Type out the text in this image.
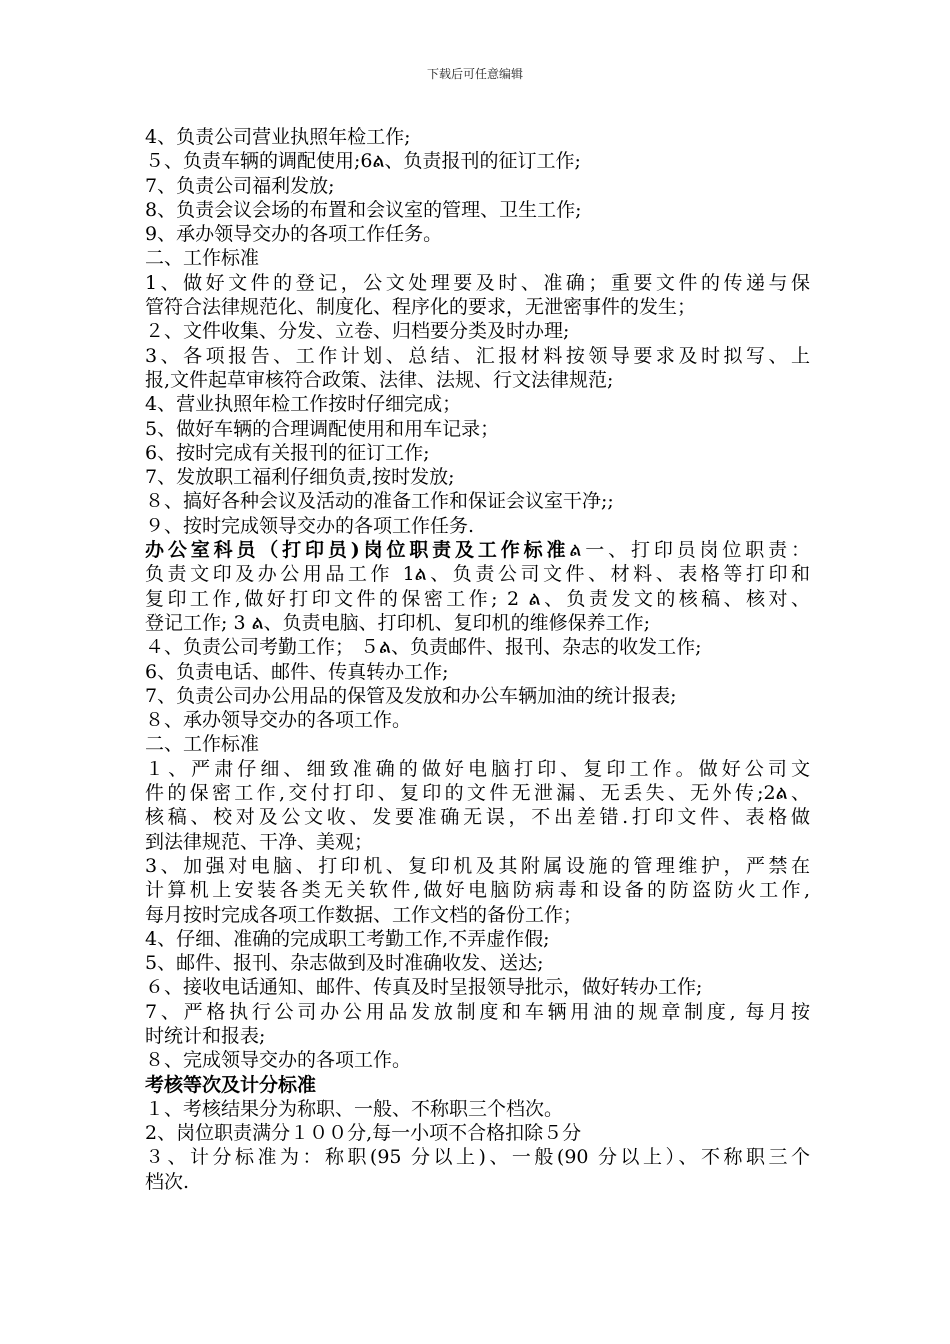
下载后可任意编辑
4、负责公司营业执照年检工作;
５、负责车辆的调配使用;6ል、负责报刊的征订工作;
7、负责公司福利发放;
8、负责会议会场的布置和会议室的管理、卫生工作;
9、承办领导交办的各项工作任务。
二、工作标准
1、做好文件的登记，公文处理要及时、准确；重要文件的传递与保
管符合法律规范化、制度化、程序化的要求，无泄密事件的发生；
２、文件收集、分发、立卷、归档要分类及时办理;
3、各项报告、工作计划、总结、汇报材料按领导要求及时拟写、上
报,文件起草审核符合政策、法律、法规、行文法律规范;
4、营业执照年检工作按时仔细完成；
5、做好车辆的合理调配使用和用车记录；
6、按时完成有关报刊的征订工作;
7、发放职工福利仔细负责,按时发放;
８、搞好各种会议及活动的准备工作和保证会议室干净;;
９、按时完成领导交办的各项工作任务.
办公室科员（打印员)岗位职责及工作标准ል一、打印员岗位职责：
负责文印及办公用品工作 1ል、负责公司文件、材料、表格等打印和
复印工作,做好打印文件的保密工作; 2 ል、负责发文的核稿、核对、
登记工作; 3 ል、负责电脑、打印机、复印机的维修保养工作;
４、负责公司考勤工作； ５ል、负责邮件、报刊、杂志的收发工作;
6、负责电话、邮件、传真转办工作;
7、负责公司办公用品的保管及发放和办公车辆加油的统计报表;
８、承办领导交办的各项工作。
二、工作标准
１、严肃仔细、细致准确的做好电脑打印、复印工作。做好公司文
件的保密工作,交付打印、复印的文件无泄漏、无丢失、无外传;2ል、
核稿、校对及公文收、发要准确无误，不出差错.打印文件、表格做
到法律规范、干净、美观；
3、加强对电脑、打印机、复印机及其附属设施的管理维护，严禁在
计算机上安装各类无关软件,做好电脑防病毒和设备的防盗防火工作,
每月按时完成各项工作数据、工作文档的备份工作；
4、仔细、准确的完成职工考勤工作,不弄虚作假;
5、邮件、报刊、杂志做到及时准确收发、送达;
６、接收电话通知、邮件、传真及时呈报领导批示，做好转办工作;
7、严格执行公司办公用品发放制度和车辆用油的规章制度, 每月按
时统计和报表;
８、完成领导交办的各项工作。
考核等次及计分标准
１、考核结果分为称职、一般、不称职三个档次。
2、岗位职责满分１００分,每一小项不合格扣除５分
３、计分标准为：称职(95 分以上)、一般(90 分以上）、不称职三个
档次.
